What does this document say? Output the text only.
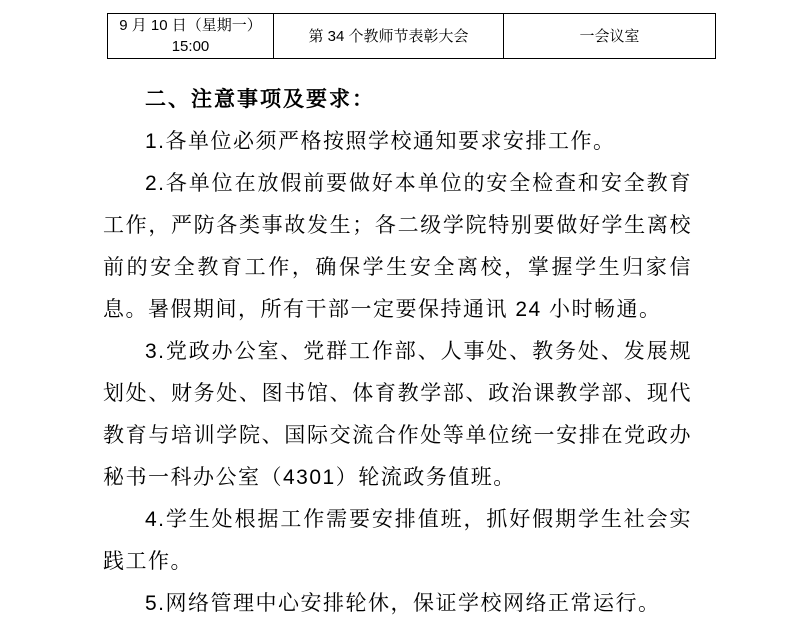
9 月 10 日（星期一）
15:00
	第 34 个教师节表彰大会	一会议室
二、注意事项及要求：

1.各单位必须严格按照学校通知要求安排工作。

2.各单位在放假前要做好本单位的安全检查和安全教育工作，严防各类事故发生；各二级学院特别要做好学生离校前的安全教育工作，确保学生安全离校，掌握学生归家信息。暑假期间，所有干部一定要保持通讯 24 小时畅通。

3.党政办公室、党群工作部、人事处、教务处、发展规划处、财务处、图书馆、体育教学部、政治课教学部、现代教育与培训学院、国际交流合作处等单位统一安排在党政办秘书一科办公室（4301）轮流政务值班。

4.学生处根据工作需要安排值班，抓好假期学生社会实践工作。

5.网络管理中心安排轮休，保证学校网络正常运行。
